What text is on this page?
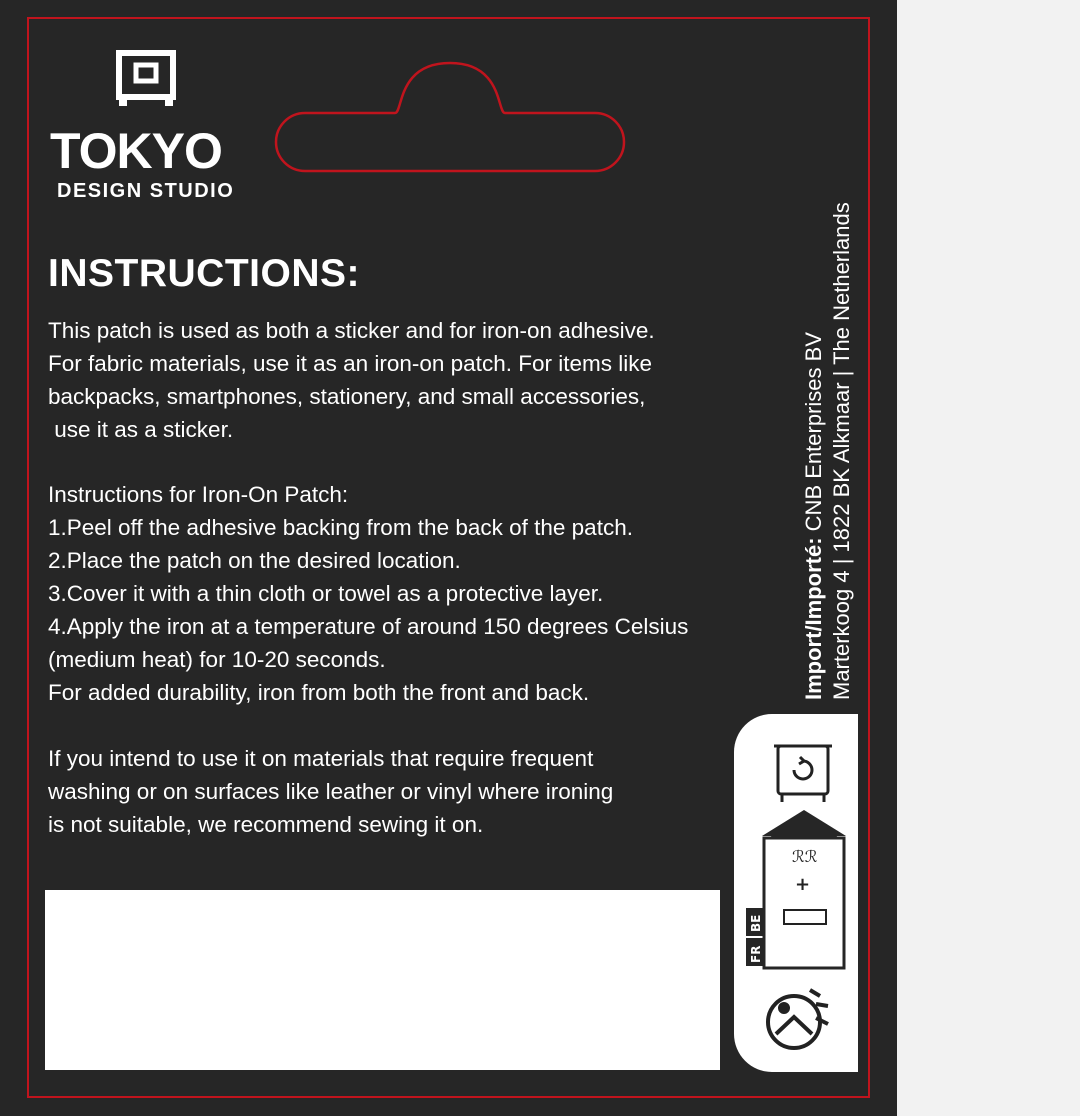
TOKYO
DESIGN STUDIO
INSTRUCTIONS:
This patch is used as both a sticker and for iron-on adhesive.
For fabric materials, use it as an iron-on patch. For items like
backpacks, smartphones, stationery, and small accessories,
use it as a sticker.
Instructions for Iron-On Patch:
1.Peel off the adhesive backing from the back of the patch.
2.Place the patch on the desired location.
3.Cover it with a thin cloth or towel as a protective layer.
4.Apply the iron at a temperature of around 150 degrees Celsius
(medium heat) for 10-20 seconds.
For added durability, iron from both the front and back.
If you intend to use it on materials that require frequent
washing or on surfaces like leather or vinyl where ironing
is not suitable, we recommend sewing it on.
Import/Importé: CNB Enterprises BV Marterkoog 4 | 1822 BK Alkmaar | The Netherlands
ℛℛ
+
BE
FR
